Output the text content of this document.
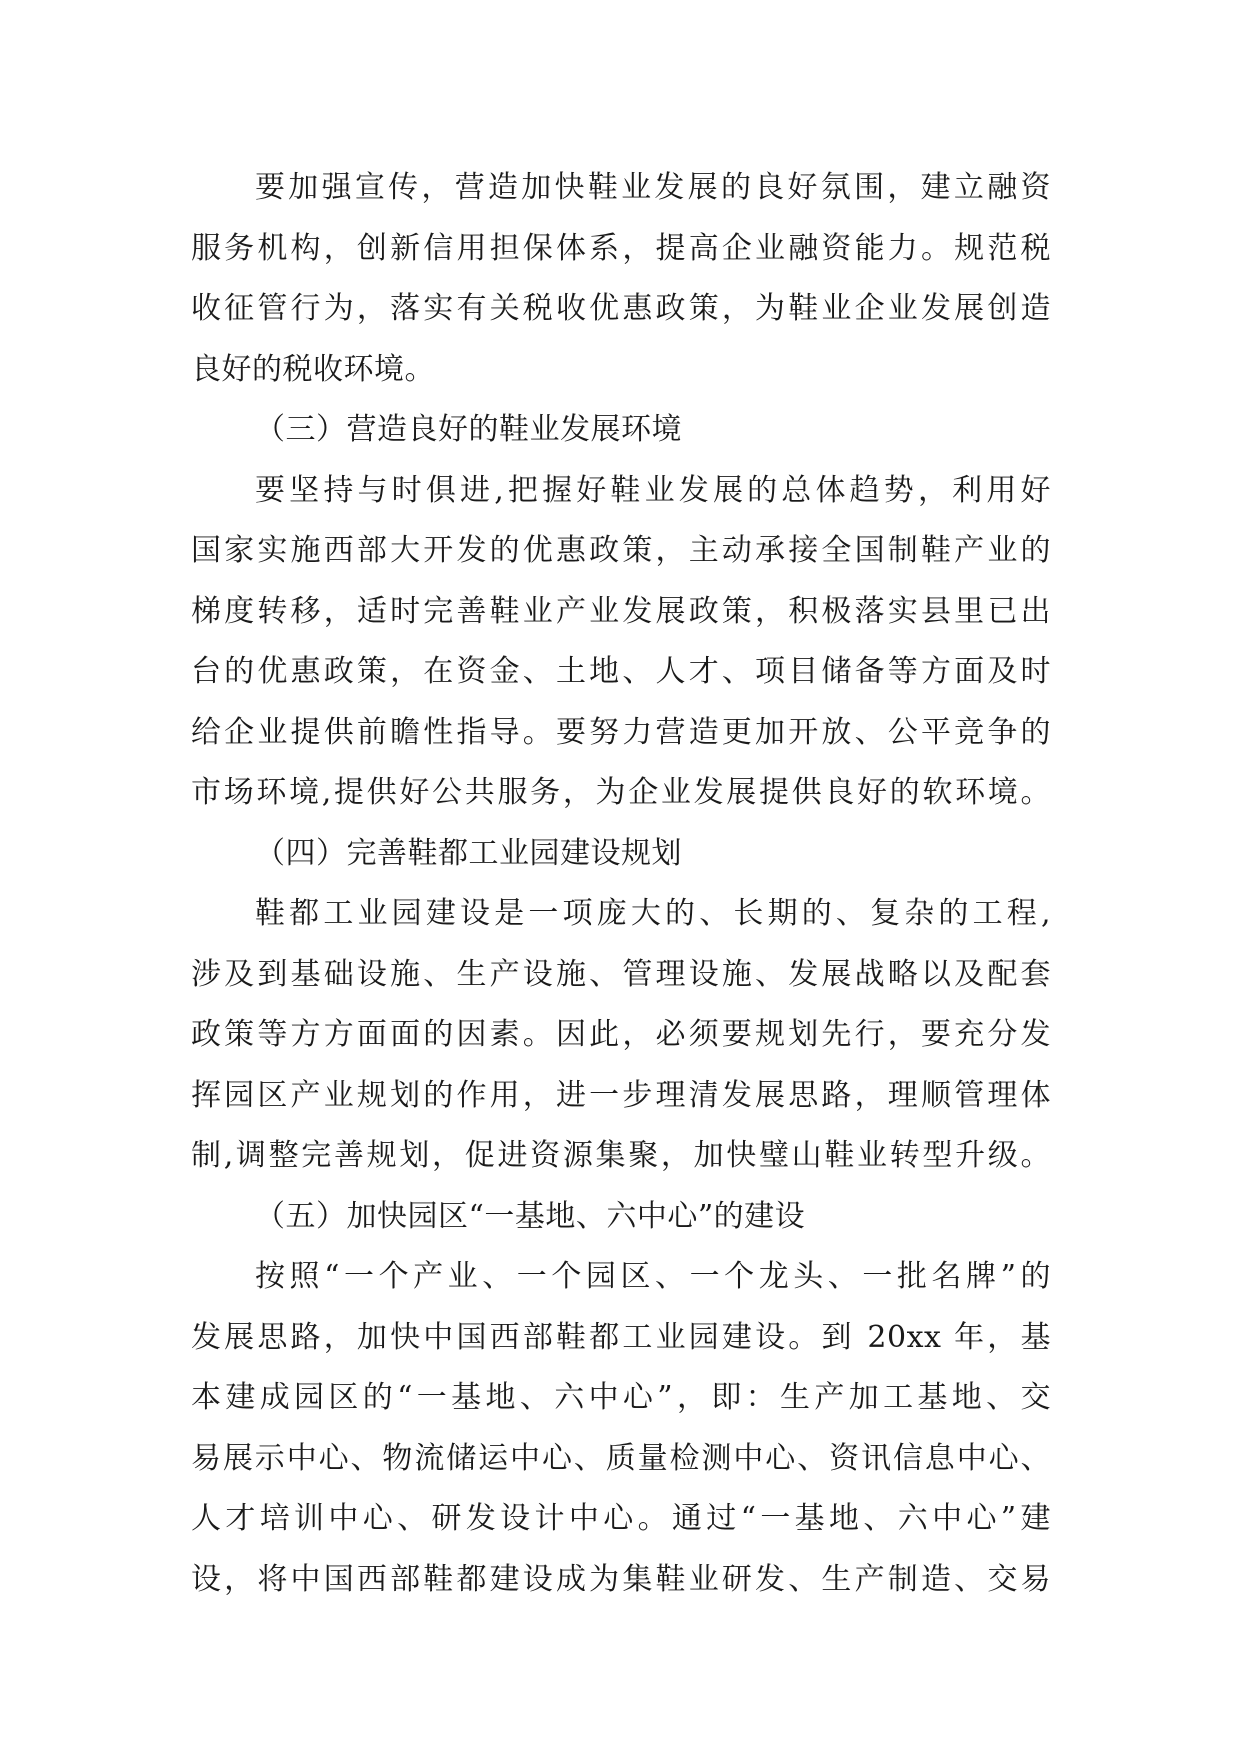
要加强宣传，营造加快鞋业发展的良好氛围，建立融资
服务机构，创新信用担保体系，提高企业融资能力。规范税
收征管行为，落实有关税收优惠政策，为鞋业企业发展创造
良好的税收环境。
（三）营造良好的鞋业发展环境
要坚持与时俱进,把握好鞋业发展的总体趋势，利用好
国家实施西部大开发的优惠政策，主动承接全国制鞋产业的
梯度转移，适时完善鞋业产业发展政策，积极落实县里已出
台的优惠政策，在资金、土地、人才、项目储备等方面及时
给企业提供前瞻性指导。要努力营造更加开放、公平竞争的
市场环境,提供好公共服务，为企业发展提供良好的软环境。
（四）完善鞋都工业园建设规划
鞋都工业园建设是一项庞大的、长期的、复杂的工程,
涉及到基础设施、生产设施、管理设施、发展战略以及配套
政策等方方面面的因素。因此，必须要规划先行，要充分发
挥园区产业规划的作用，进一步理清发展思路，理顺管理体
制,调整完善规划，促进资源集聚，加快璧山鞋业转型升级。
（五）加快园区“一基地、六中心”的建设
按照“一个产业、一个园区、一个龙头、一批名牌”的
发展思路，加快中国西部鞋都工业园建设。到 20xx 年，基
本建成园区的“一基地、六中心”，即：生产加工基地、交
易展示中心、物流储运中心、质量检测中心、资讯信息中心、
人才培训中心、研发设计中心。通过“一基地、六中心”建
设，将中国西部鞋都建设成为集鞋业研发、生产制造、交易
